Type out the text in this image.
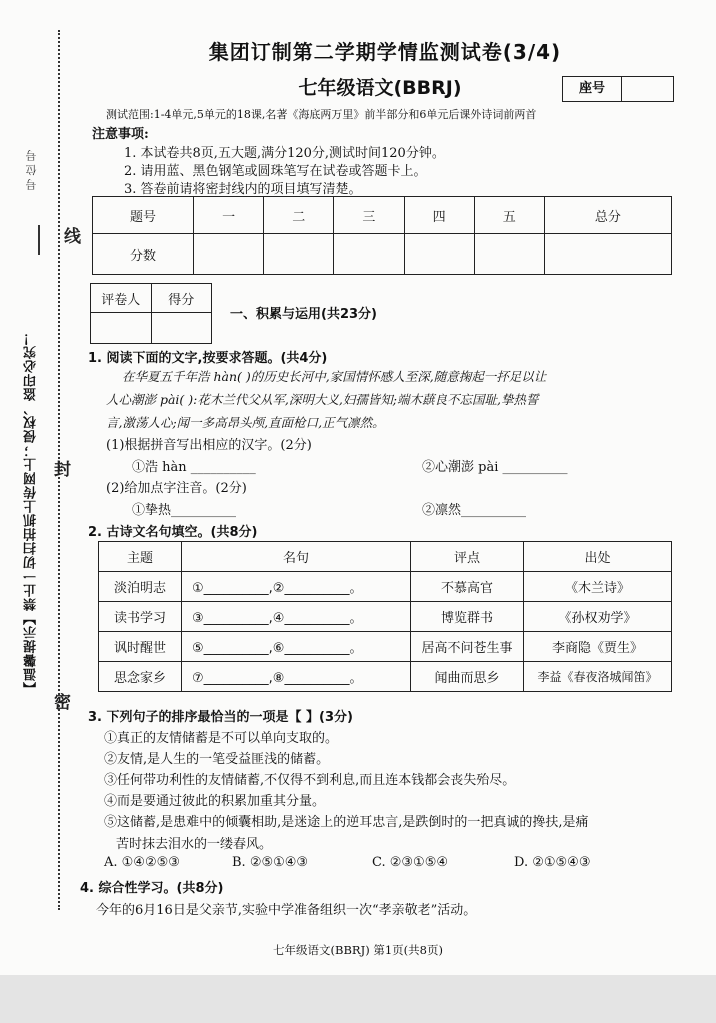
号 位 号
【温馨提示】禁止一切扫拍抓上传网上；侵权、盗印必究！
线
封
密
集团订制第二学期学情监测试卷(3/4)
七年级语文(BBRJ)	座号
测试范围:1-4单元,5单元的18课,名著《海底两万里》前半部分和6单元后课外诗词前两首
注意事项:
1. 本试卷共8页,五大题,满分120分,测试时间120分钟。
2. 请用蓝、黑色钢笔或圆珠笔写在试卷或答题卡上。
3. 答卷前请将密封线内的项目填写清楚。
题号	一	二	三	四	五	总分
分数						
评卷人	得分

一、积累与运用(共23分)
1. 阅读下面的文字,按要求答题。(共4分)
在华夏五千年浩 hàn( )的历史长河中,家国情怀感人至深,随意掬起一抔足以让
人心潮澎 pài( ):花木兰代父从军,深明大义,妇孺皆知;端木蕻良不忘国耻,挚热誓
言,激荡人心;闻一多高昂头颅,直面枪口,正气凛然。
(1)根据拼音写出相应的汉字。(2分)
①浩 hàn __________	②心潮澎 pài __________
(2)给加点字注音。(2分)
①挚热__________	②凛然__________
2. 古诗文名句填空。(共8分)
主题	名句	评点	出处
淡泊明志	①__________,②__________。	不慕高官	《木兰诗》
读书学习	③__________,④__________。	博览群书	《孙权劝学》
讽时醒世	⑤__________,⑥__________。	居高不问苍生事	李商隐《贾生》
思念家乡	⑦__________,⑧__________。	闻曲而思乡	李益《春夜洛城闻笛》
3. 下列句子的排序最恰当的一项是【 】(3分)
①真正的友情储蓄是不可以单向支取的。
②友情,是人生的一笔受益匪浅的储蓄。
③任何带功利性的友情储蓄,不仅得不到利息,而且连本钱都会丧失殆尽。
④而是要通过彼此的积累加重其分量。
⑤这储蓄,是患难中的倾囊相助,是迷途上的逆耳忠言,是跌倒时的一把真诚的搀扶,是痛
苦时抹去泪水的一缕春风。
A. ①④②⑤③	B. ②⑤①④③	C. ②③①⑤④	D. ②①⑤④③
4. 综合性学习。(共8分)
今年的6月16日是父亲节,实验中学准备组织一次“孝亲敬老”活动。
七年级语文(BBRJ) 第1页(共8页)
